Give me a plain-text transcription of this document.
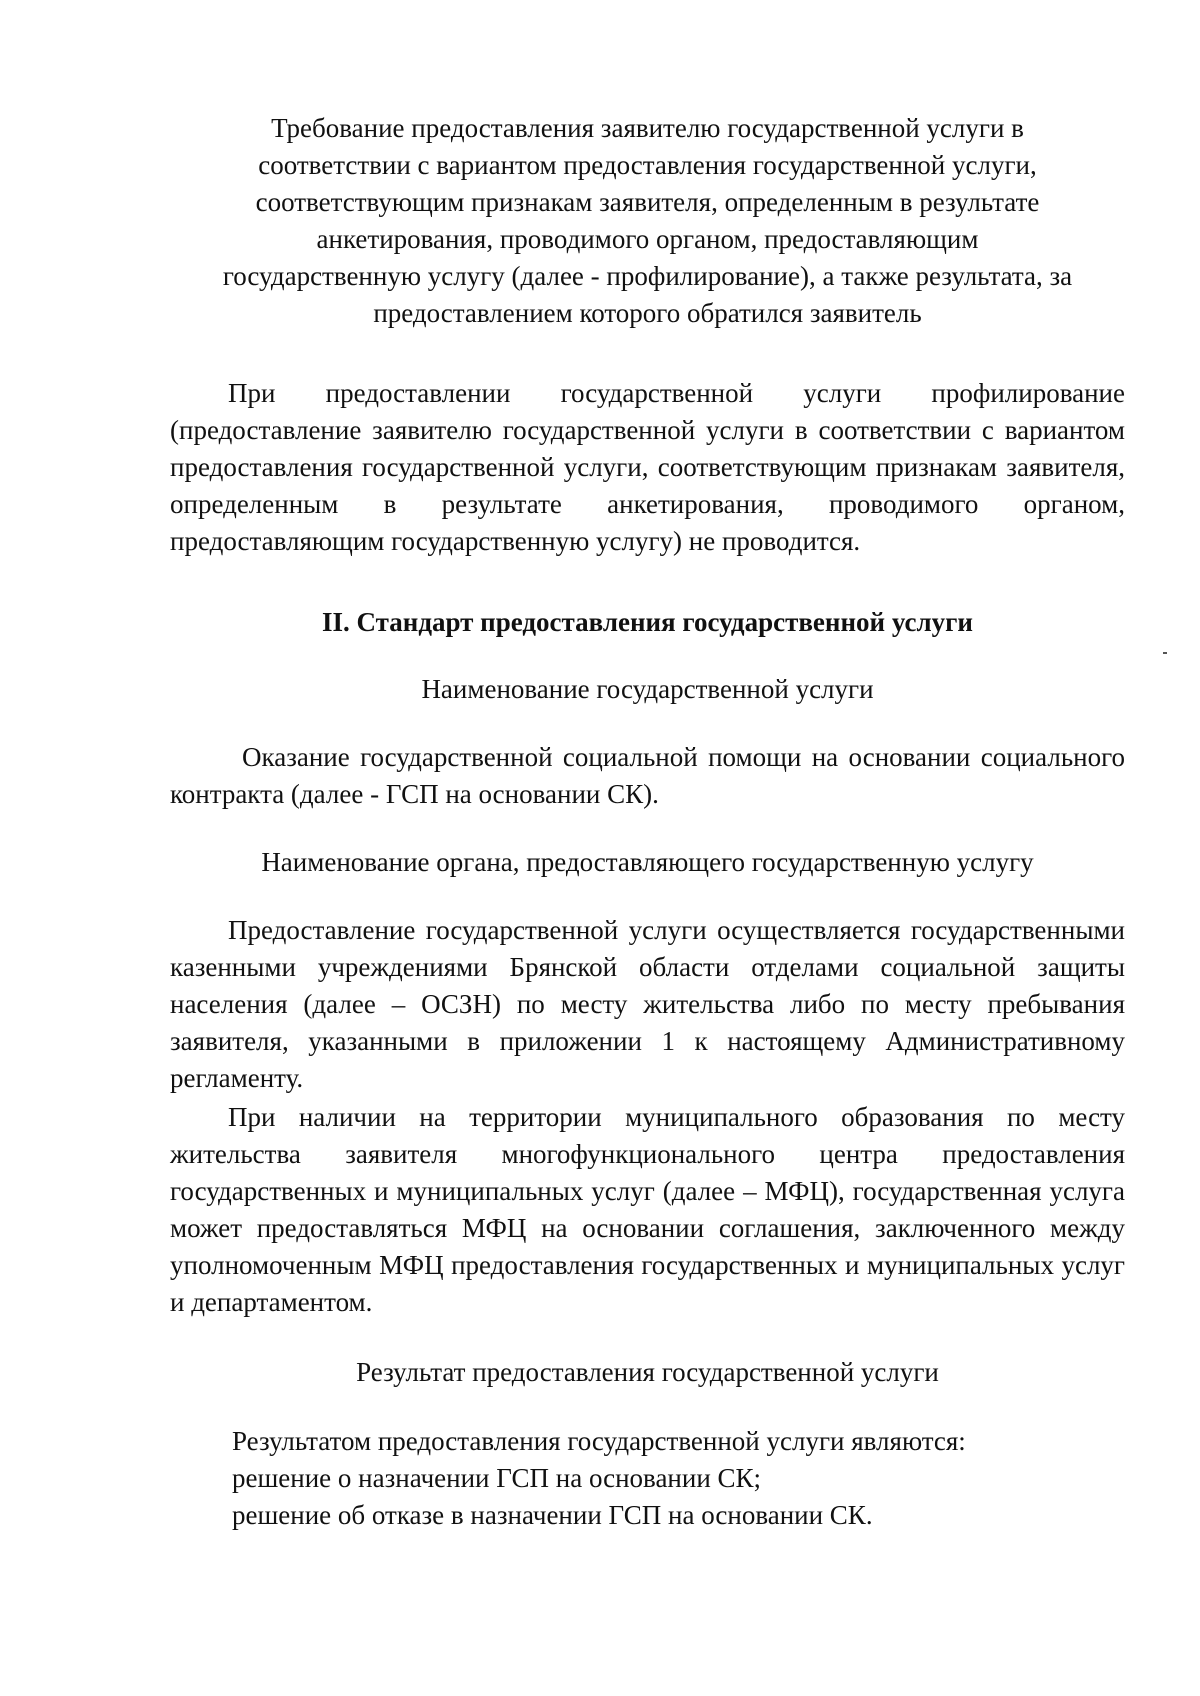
Требование предоставления заявителю государственной услуги в соответствии с вариантом предоставления государственной услуги, соответствующим признакам заявителя, определенным в результате анкетирования, проводимого органом, предоставляющим государственную услугу (далее - профилирование), а также результата, за предоставлением которого обратился заявитель
При предоставлении государственной услуги профилирование (предоставление заявителю государственной услуги в соответствии с вариантом предоставления государственной услуги, соответствующим признакам заявителя, определенным в результате анкетирования, проводимого органом, предоставляющим государственную услугу) не проводится.
II. Стандарт предоставления государственной услуги
Наименование государственной услуги
Оказание государственной социальной помощи на основании социального контракта (далее - ГСП на основании СК).
Наименование органа, предоставляющего государственную услугу
Предоставление государственной услуги осуществляется государственными казенными учреждениями Брянской области отделами социальной защиты населения (далее – ОСЗН) по месту жительства либо по месту пребывания заявителя, указанными в приложении 1 к настоящему Административному регламенту.
При наличии на территории муниципального образования по месту жительства заявителя многофункционального центра предоставления государственных и муниципальных услуг (далее – МФЦ), государственная услуга может предоставляться МФЦ на основании соглашения, заключенного между уполномоченным МФЦ предоставления государственных и муниципальных услуг и департаментом.
Результат предоставления государственной услуги
Результатом предоставления государственной услуги являются:
решение о назначении ГСП на основании СК;
решение об отказе в назначении ГСП на основании СК.
